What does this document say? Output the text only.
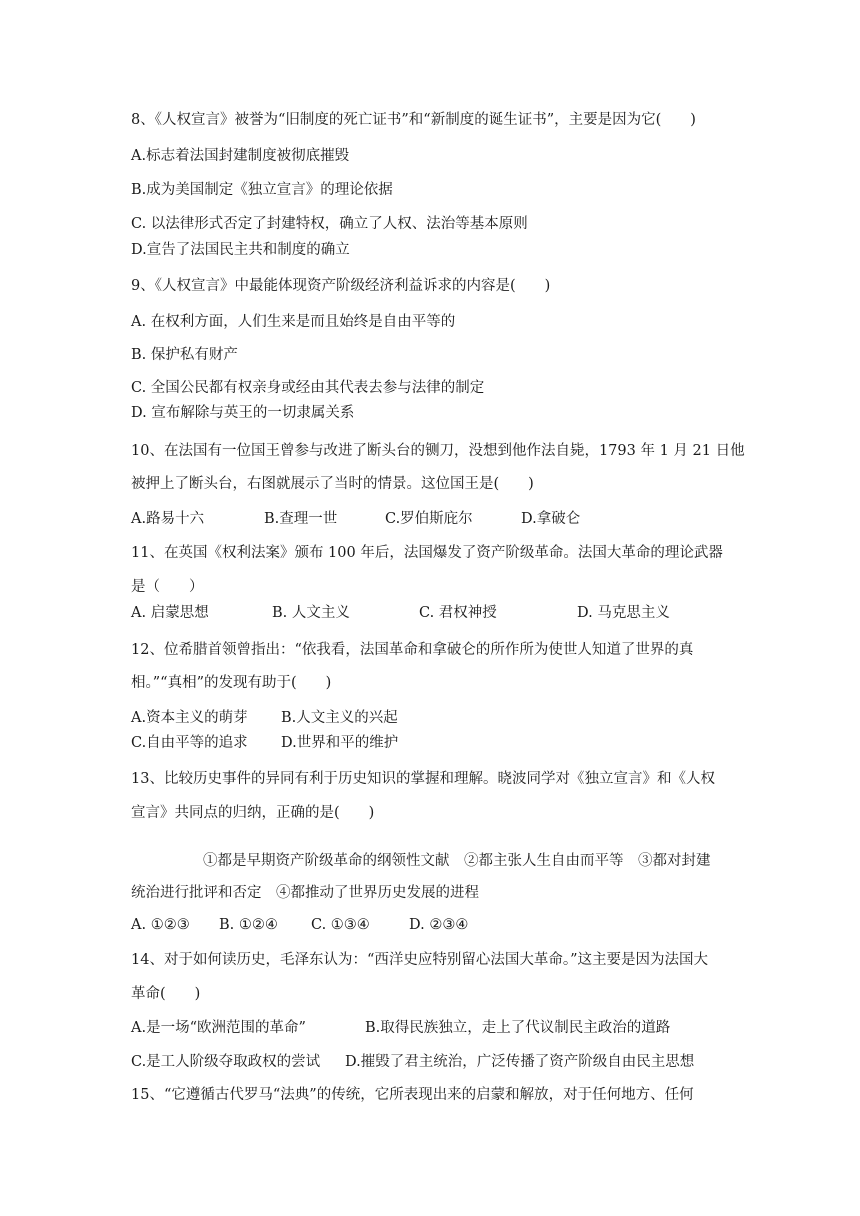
8、《人权宣言》被誉为“旧制度的死亡证书”和“新制度的诞生证书”，主要是因为它(　　)
A.标志着法国封建制度被彻底摧毁
B.成为美国制定《独立宣言》的理论依据
C. 以法律形式否定了封建特权，确立了人权、法治等基本原则
D.宣告了法国民主共和制度的确立
9、《人权宣言》中最能体现资产阶级经济利益诉求的内容是(　　)
A. 在权利方面，人们生来是而且始终是自由平等的
B. 保护私有财产
C. 全国公民都有权亲身或经由其代表去参与法律的制定
D. 宣布解除与英王的一切隶属关系
10、在法国有一位国王曾参与改进了断头台的铡刀，没想到他作法自毙，1793 年 1 月 21 日他
被押上了断头台，右图就展示了当时的情景。这位国王是(　　)
A.路易十六	B.查理一世	C.罗伯斯庇尔	D.拿破仑
11、在英国《权利法案》颁布 100 年后，法国爆发了资产阶级革命。法国大革命的理论武器
是（　　）
A. 启蒙思想	B. 人文主义	C. 君权神授	D. 马克思主义
12、位希腊首领曾指出：“依我看，法国革命和拿破仑的所作所为使世人知道了世界的真
相。”“真相”的发现有助于(　　)
A.资本主义的萌芽 B.人文主义的兴起
C.自由平等的追求 D.世界和平的维护
13、比较历史事件的异同有利于历史知识的掌握和理解。晓波同学对《独立宣言》和《人权
宣言》共同点的归纳，正确的是(　　)
①都是早期资产阶级革命的纲领性文献　②都主张人生自由而平等　③都对封建
统治进行批评和否定　④都推动了世界历史发展的进程
A. ①②③ B. ①②④ C. ①③④	D. ②③④
14、对于如何读历史，毛泽东认为：“西洋史应特别留心法国大革命。”这主要是因为法国大
革命(　　)
A.是一场“欧洲范围的革命”	B.取得民族独立，走上了代议制民主政治的道路
C.是工人阶级夺取政权的尝试 D.摧毁了君主统治，广泛传播了资产阶级自由民主思想
15、“它遵循古代罗马“法典”的传统，它所表现出来的启蒙和解放，对于任何地方、任何
